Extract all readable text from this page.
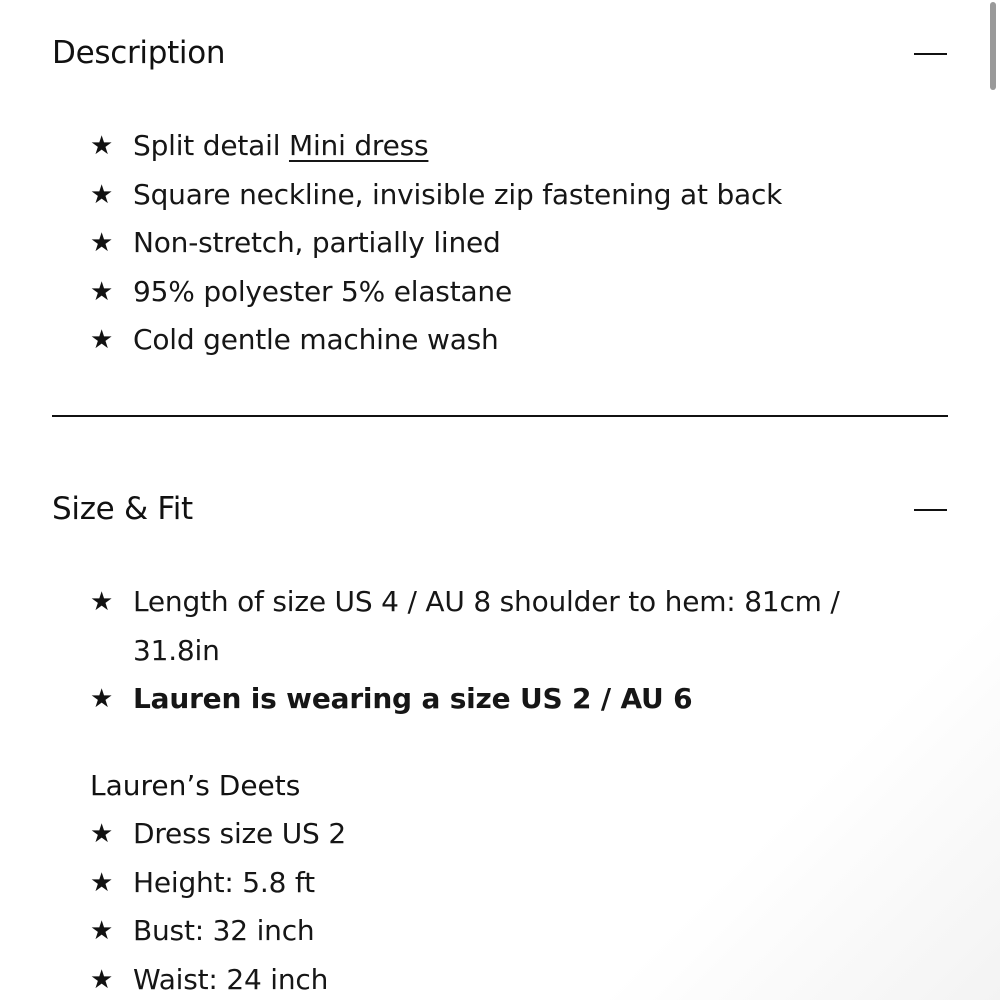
Description
★ Split detail Mini dress
★ Square neckline, invisible zip fastening at back
★ Non-stretch, partially lined
★ 95% polyester 5% elastane
★ Cold gentle machine wash
Size & Fit
★ Length of size US 4 / AU 8 shoulder to hem: 81cm / 31.8in
★ Lauren is wearing a size US 2 / AU 6
Lauren’s Deets
★ Dress size US 2
★ Height: 5.8 ft
★ Bust: 32 inch
★ Waist: 24 inch
